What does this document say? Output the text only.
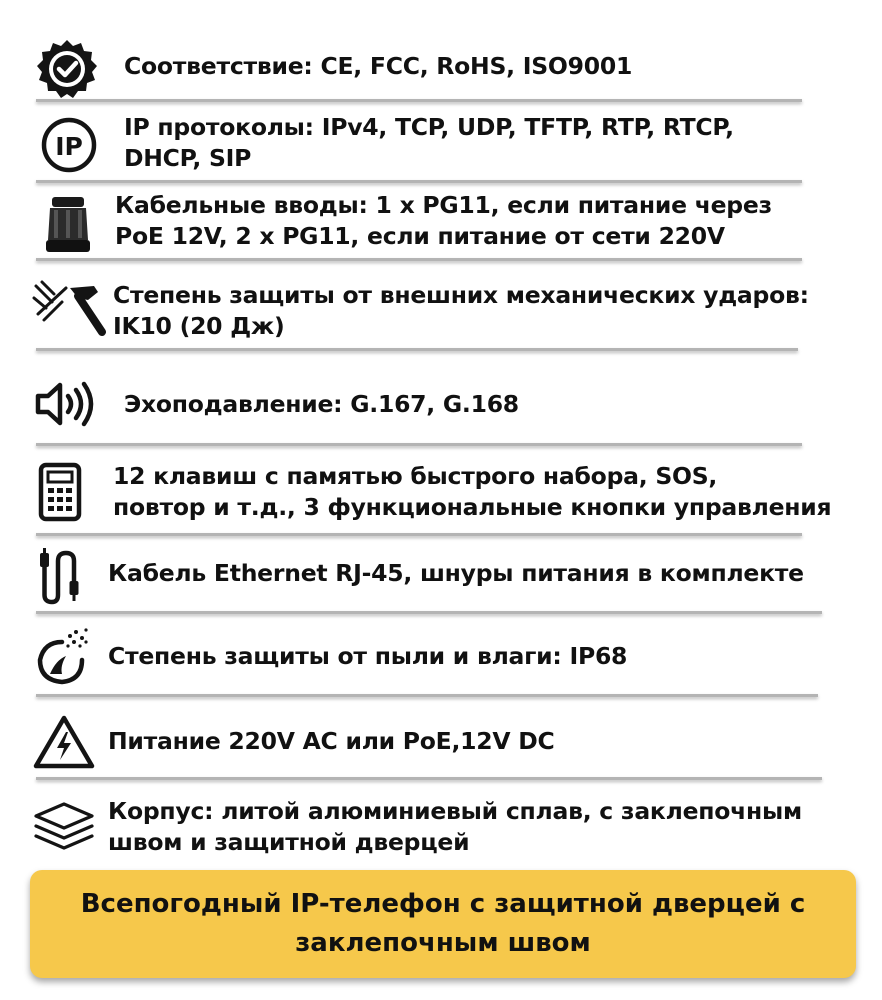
Соответствие: CE, FCC, RoHS, ISO9001

IP

IP протоколы: IPv4, TCP, UDP, TFTP, RTP, RTCP,
DHCP, SIP

Кабельные вводы: 1 x PG11, если питание через
PoE 12V, 2 x PG11, если питание от сети 220V

Степень защиты от внешних механических ударов:
IK10 (20 Дж)

Эхоподавление: G.167, G.168

12 клавиш с памятью быстрого набора, SOS,
повтор и т.д., 3 функциональные кнопки управления

Кабель Ethernet RJ-45, шнуры питания в комплекте

Степень защиты от пыли и влаги: IP68

Питание 220V AC или PoE,12V DC

Корпус: литой алюминиевый сплав, с заклепочным
швом и защитной дверцей

Всепогодный IP-телефон с защитной дверцей с
заклепочным швом
